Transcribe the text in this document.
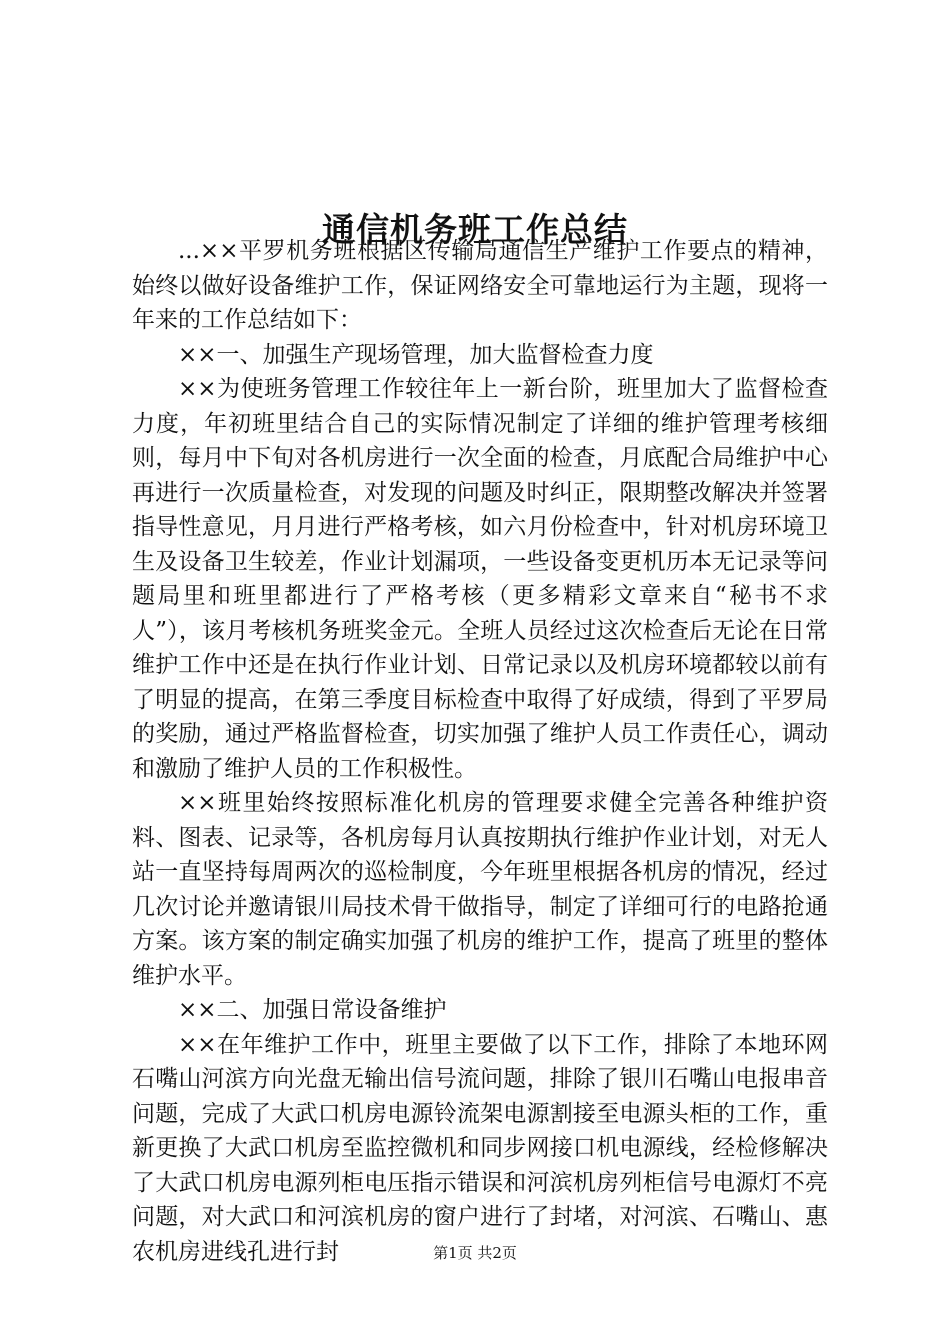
通信机务班工作总结

...××平罗机务班根据区传输局通信生产维护工作要点的精神，始终以做好设备维护工作，保证网络安全可靠地运行为主题，现将一年来的工作总结如下：

××一、加强生产现场管理，加大监督检查力度

××为使班务管理工作较往年上一新台阶，班里加大了监督检查力度，年初班里结合自己的实际情况制定了详细的维护管理考核细则，每月中下旬对各机房进行一次全面的检查，月底配合局维护中心再进行一次质量检查，对发现的问题及时纠正，限期整改解决并签署指导性意见，月月进行严格考核，如六月份检查中，针对机房环境卫生及设备卫生较差，作业计划漏项，一些设备变更机历本无记录等问题局里和班里都进行了严格考核（更多精彩文章来自“秘书不求人”），该月考核机务班奖金元。全班人员经过这次检查后无论在日常维护工作中还是在执行作业计划、日常记录以及机房环境都较以前有了明显的提高，在第三季度目标检查中取得了好成绩，得到了平罗局的奖励，通过严格监督检查，切实加强了维护人员工作责任心，调动和激励了维护人员的工作积极性。

××班里始终按照标准化机房的管理要求健全完善各种维护资料、图表、记录等，各机房每月认真按期执行维护作业计划，对无人站一直坚持每周两次的巡检制度，今年班里根据各机房的情况，经过几次讨论并邀请银川局技术骨干做指导，制定了详细可行的电路抢通方案。该方案的制定确实加强了机房的维护工作，提高了班里的整体维护水平。

××二、加强日常设备维护

××在年维护工作中，班里主要做了以下工作，排除了本地环网石嘴山河滨方向光盘无输出信号流问题，排除了银川石嘴山电报串音问题，完成了大武口机房电源铃流架电源割接至电源头柜的工作，重新更换了大武口机房至监控微机和同步网接口机电源线，经检修解决了大武口机房电源列柜电压指示错误和河滨机房列柜信号电源灯不亮问题，对大武口和河滨机房的窗户进行了封堵，对河滨、石嘴山、惠农机房进线孔进行封	第1页 共2页
